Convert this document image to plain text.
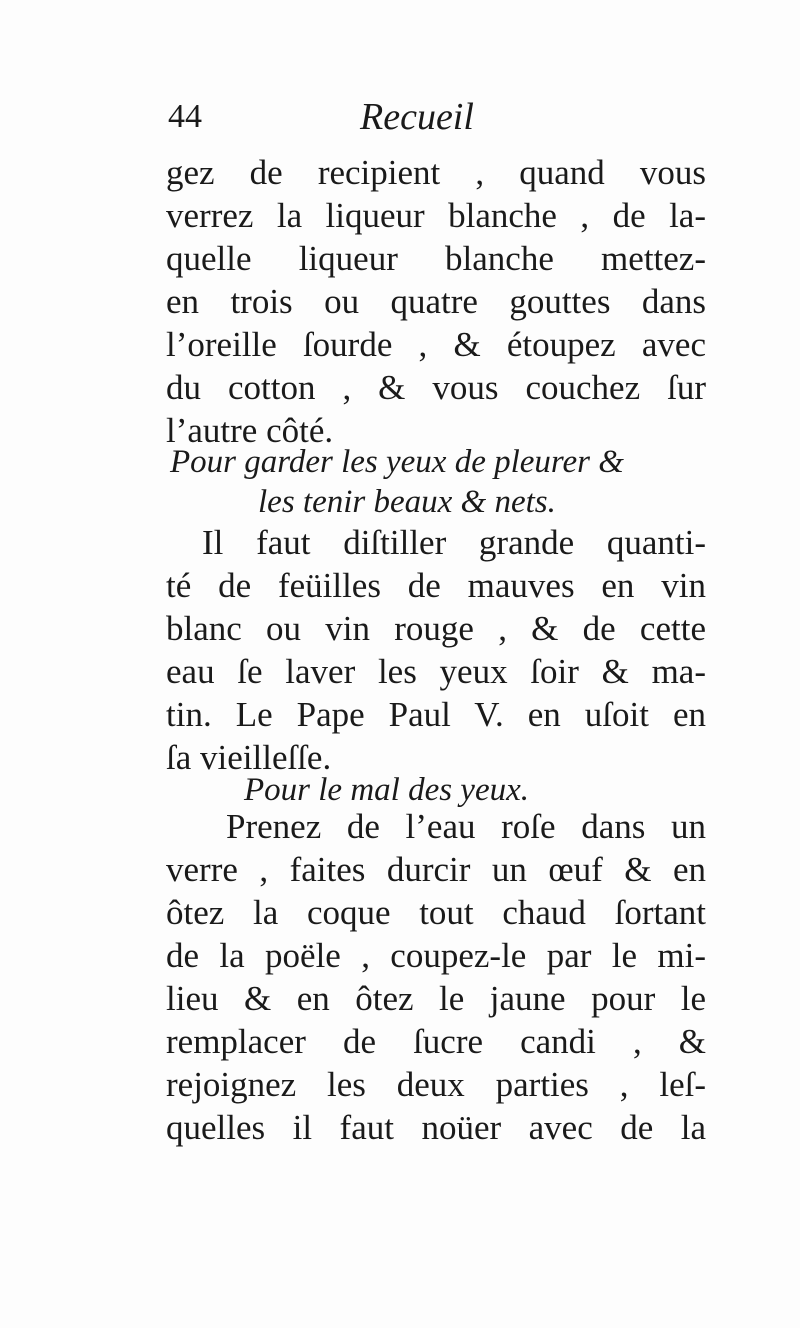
44	Recueil
gez de recipient , quand vous
verrez la liqueur blanche , de la-
quelle liqueur blanche mettez-
en trois ou quatre gouttes dans
l’oreille ſourde , & étoupez avec
du cotton , & vous couchez ſur
l’autre côté.
Pour garder les yeux de pleurer &
les tenir beaux & nets.
Il faut diſtiller grande quanti-
té de feüilles de mauves en vin
blanc ou vin rouge , & de cette
eau ſe laver les yeux ſoir & ma-
tin. Le Pape Paul V. en uſoit en
ſa vieilleſſe.
Pour le mal des yeux.
Prenez de l’eau roſe dans un
verre , faites durcir un œuf & en
ôtez la coque tout chaud ſortant
de la poële , coupez-le par le mi-
lieu & en ôtez le jaune pour le
remplacer de ſucre candi , &
rejoignez les deux parties , leſ-
quelles il faut noüer avec de la
